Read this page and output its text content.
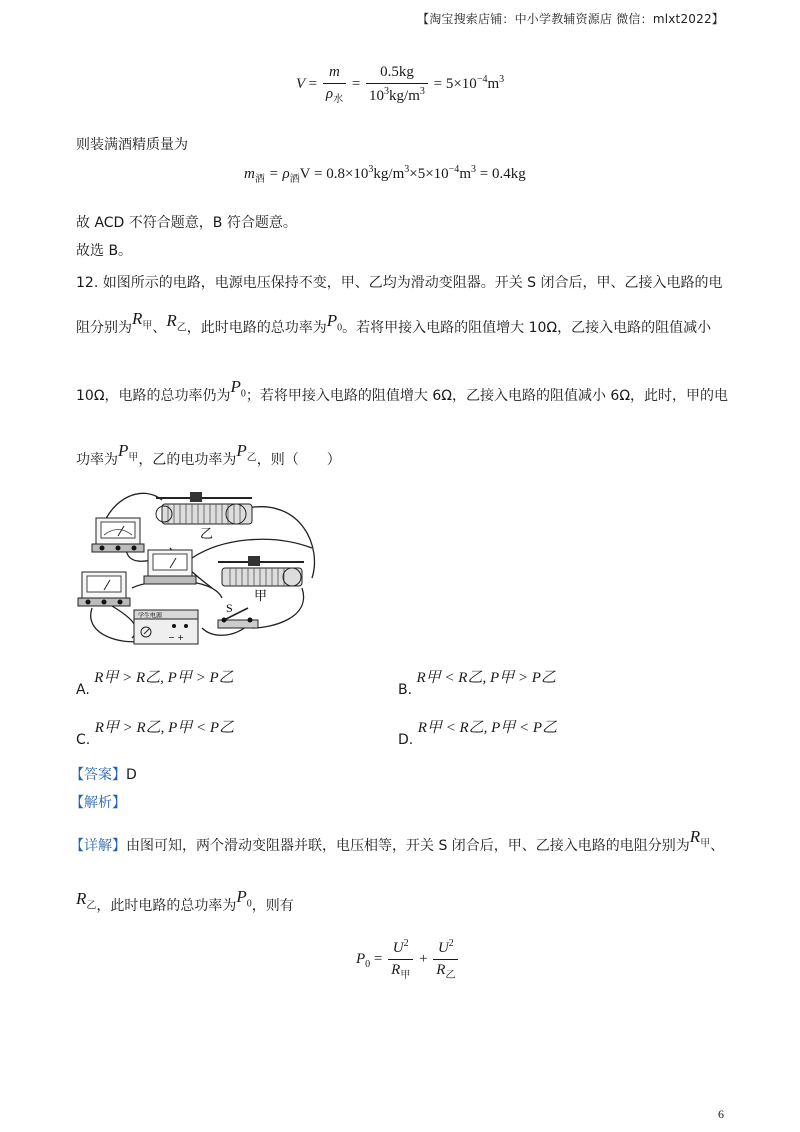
【淘宝搜索店铺：中小学教辅资源店 微信：mlxt2022】
$V = \frac{m}{\rho_水} = \frac{0.5kg}{10^3kg/m^3} = 5\times 10^{-4}m^3$
则装满酒精质量为
$m_酒 = \rho_酒V = 0.8\times 10^3kg/m^3\times 5\times 10^{-4}m^3 = 0.4kg$
故 ACD 不符合题意，B 符合题意。
故选 B。
12. 如图所示的电路，电源电压保持不变，甲、乙均为滑动变阻器。开关 S 闭合后，甲、乙接入电路的电
阻分别为$R_甲$、$R_乙$，此时电路的总功率为$P_0$。若将甲接入电路的阻值增大 10Ω，乙接入电路的阻值减小
10Ω，电路的总功率仍为$P_0$；若将甲接入电路的阻值增大 6Ω，乙接入电路的阻值减小 6Ω，此时，甲的电
功率为$P_甲$，乙的电功率为$P_乙$，则（　　）
乙
甲
S
− +
学生电源
A. R甲 > R乙, P甲 > P乙
B. R甲 < R乙, P甲 > P乙
C. R甲 > R乙, P甲 < P乙
D. R甲 < R乙, P甲 < P乙
【答案】D
【解析】
【详解】由图可知，两个滑动变阻器并联，电压相等，开关 S 闭合后，甲、乙接入电路的电阻分别为$R_甲$、
$R_乙$，此时电路的总功率为$P_0$，则有
$P_0 = \frac{U^2}{R_甲} + \frac{U^2}{R_乙}$
6
